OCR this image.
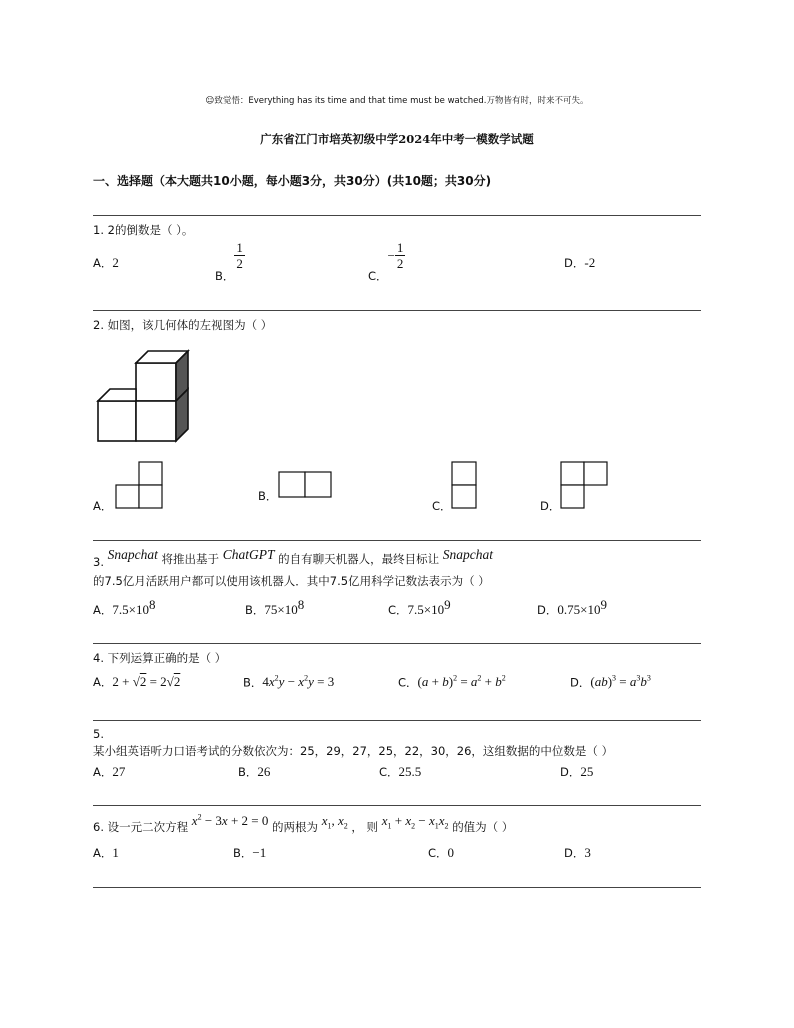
☺致觉悟：Everything has its time and that time must be watched.万物皆有时，时来不可失。
广东省江门市培英初级中学2024年中考一模数学试题
一、选择题（本大题共10小题，每小题3分，共30分）(共10题；共30分)
1. 2的倒数是（ ）。
A．2
B．
$\frac{1}{2}$
C．− $\frac{1}{2}$	D．-2
2. 如图，该几何体的左视图为（ ）
A．
B．
C．	D．
3. Snapchat 将推出基于 ChatGPT 的自有聊天机器人，最终目标让 Snapchat
的7.5亿月活跃用户都可以使用该机器人．其中7.5亿用科学记数法表示为（ ）
A．$7.5\times 10^8$	B．$75\times 10^8$	C．$7.5\times 10^9$	D．$0.75\times 10^9$
4. 下列运算正确的是（ ）
A．2 + √2 = 2√2	B．$4x^2y - x^2y = 3$	C．$(a + b)^2 = a^2 + b^2$	D．$(ab)^3 = a^3b^3$
5.
某小组英语听力口语考试的分数依次为：25，29，27，25，22，30，26，这组数据的中位数是（ ）
A．27	B．26	C．25.5	D．25
6. 设一元二次方程 $x^2 - 3x + 2 = 0$ 的两根为 $x_1$, $x_2$ ， 则 $x_1 + x_2 - x_1x_2$ 的值为（ ）
A．1	B．−1	C．0	D．3
